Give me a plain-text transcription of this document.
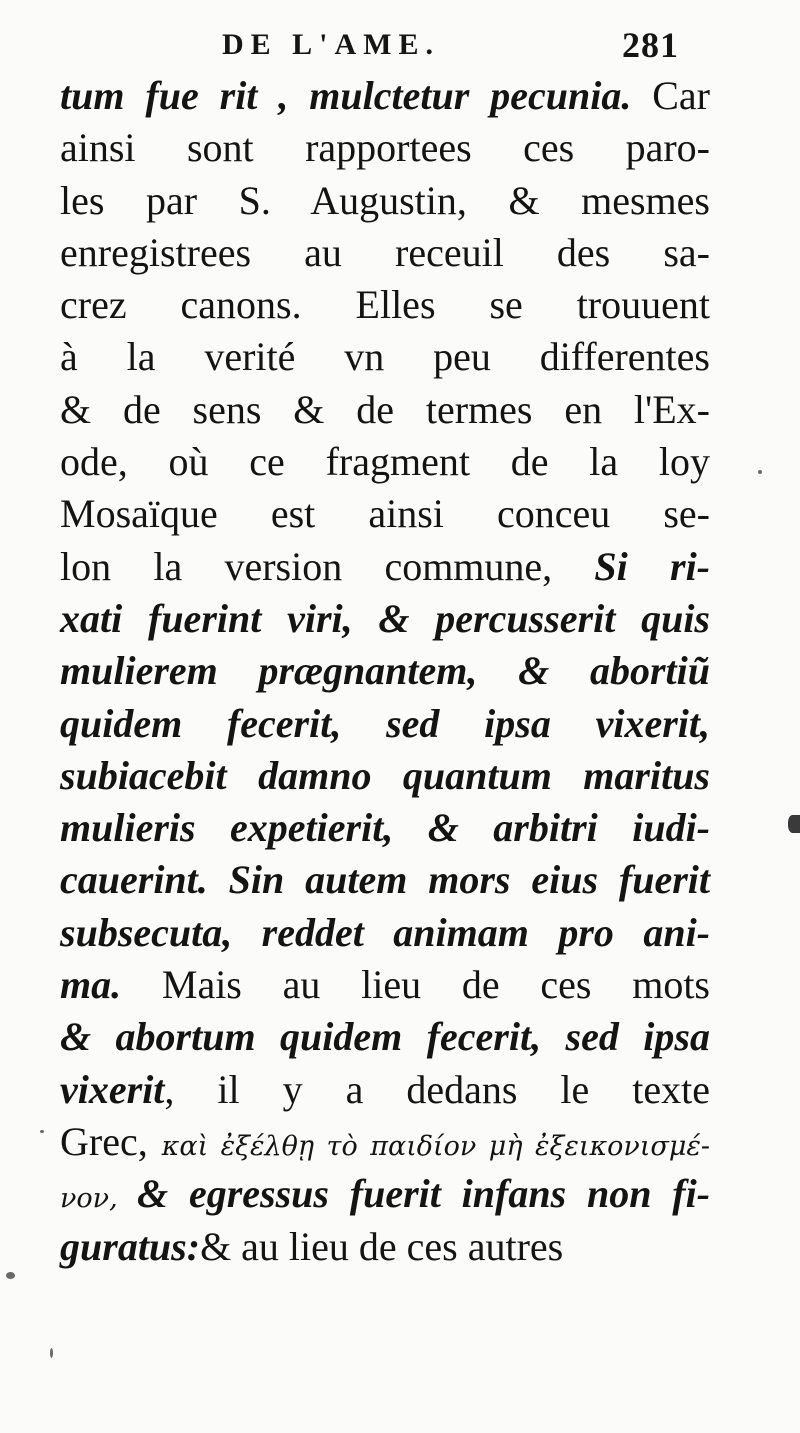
DE L'AME.	281
tum fue rit , mulctetur pecunia. Car
ainsi sont rapportees ces paro-
les par S. Augustin, & mesmes
enregistrees au receuil des sa-
crez canons. Elles se trouuent
à la verité vn peu differentes
& de sens & de termes en l'Ex-
ode, où ce fragment de la loy
Mosaïque est ainsi conceu se-
lon la version commune, Si ri-
xati fuerint viri, & percusserit quis
mulierem prægnantem, & abortiũ
quidem fecerit, sed ipsa vixerit,
subiacebit damno quantum maritus
mulieris expetierit, & arbitri iudi-
cauerint. Sin autem mors eius fuerit
subsecuta, reddet animam pro ani-
ma. Mais au lieu de ces mots
& abortum quidem fecerit, sed ipsa
vixerit, il y a dedans le texte
Grec, καὶ ἐξέλθῃ τὸ παιδίον μὴ ἐξεικονισμέ-
νον, & egressus fuerit infans non fi-
guratus:& au lieu de ces autres
